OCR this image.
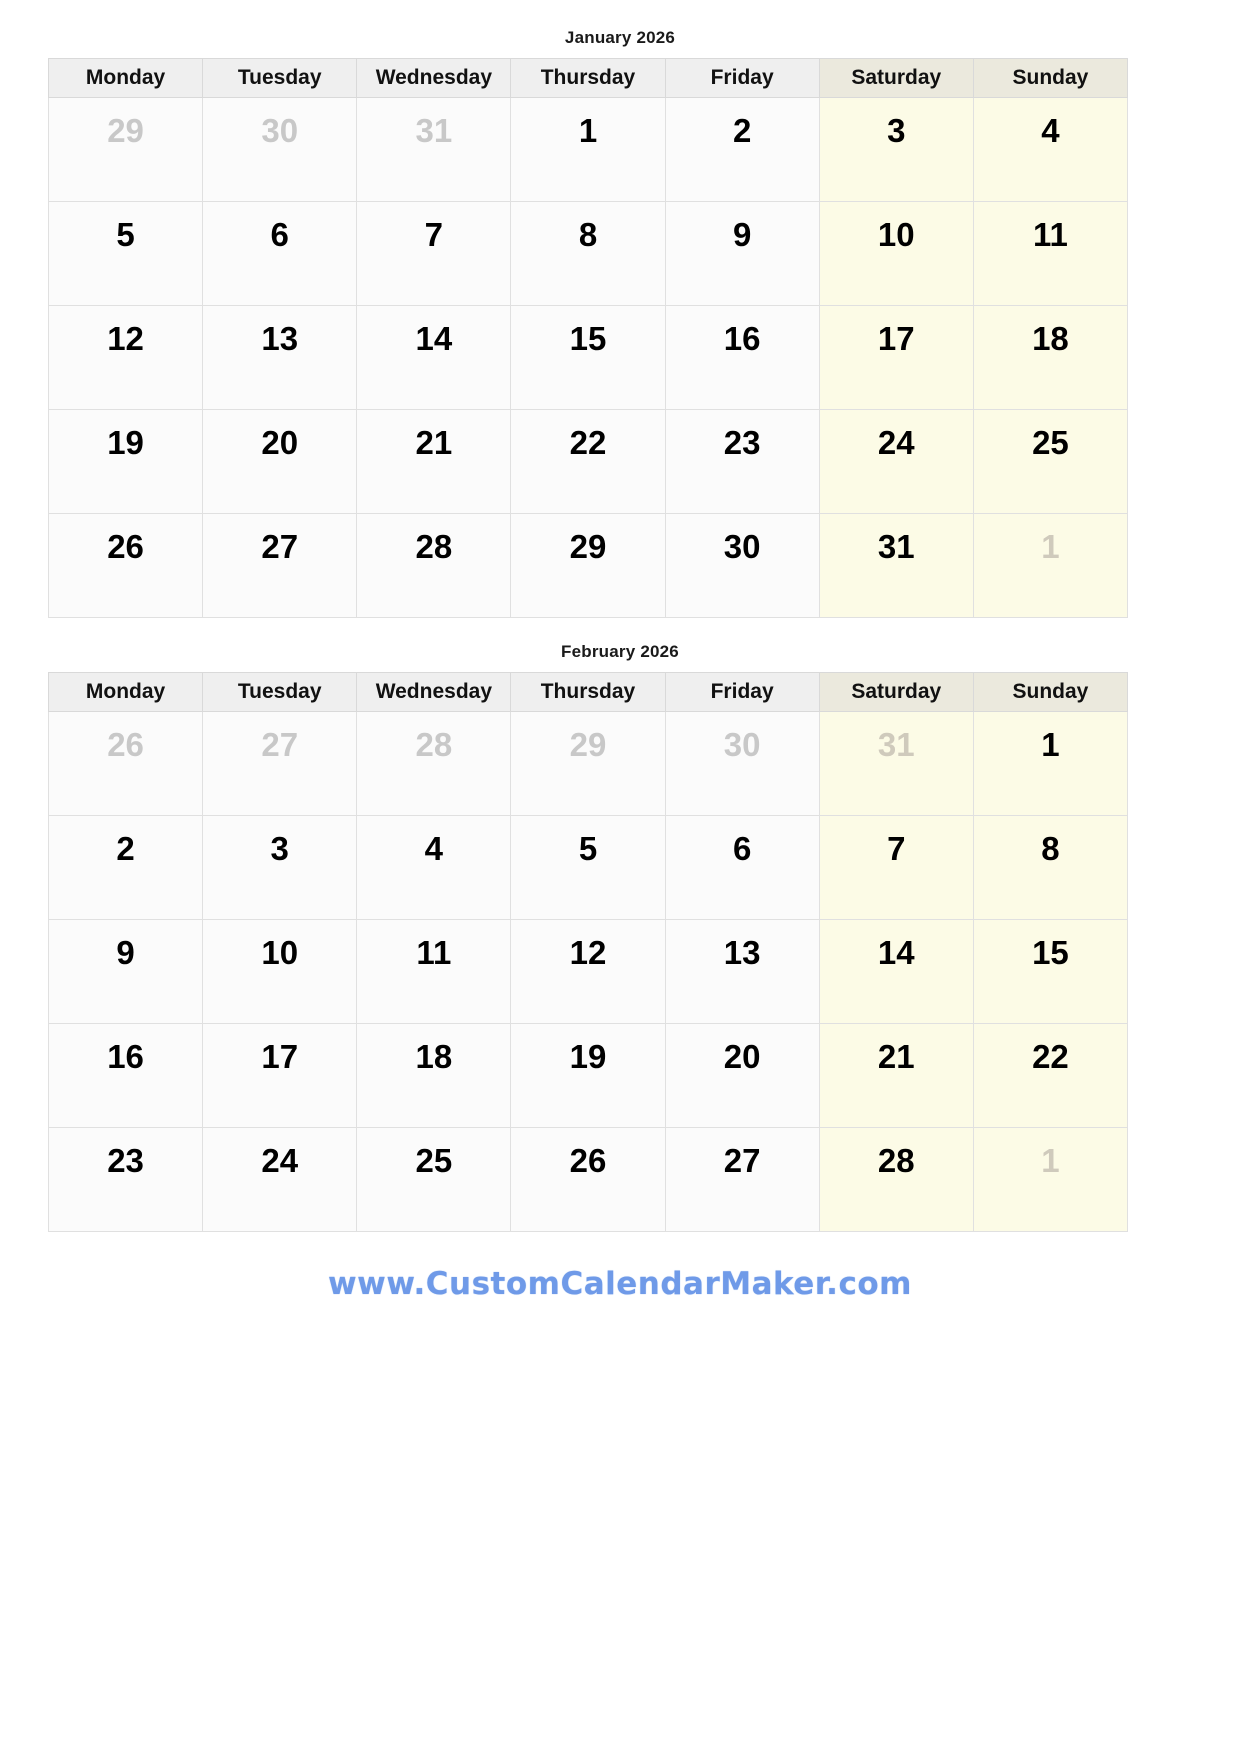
January 2026
Monday	Tuesday	Wednesday	Thursday	Friday	Saturday	Sunday

29	30	31	1	2	3	4

5	6	7	8	9	10	11

12	13	14	15	16	17	18

19	20	21	22	23	24	25

26	27	28	29	30	31	1
February 2026
Monday	Tuesday	Wednesday	Thursday	Friday	Saturday	Sunday

26	27	28	29	30	31	1

2	3	4	5	6	7	8

9	10	11	12	13	14	15

16	17	18	19	20	21	22

23	24	25	26	27	28	1
www.CustomCalendarMaker.com
